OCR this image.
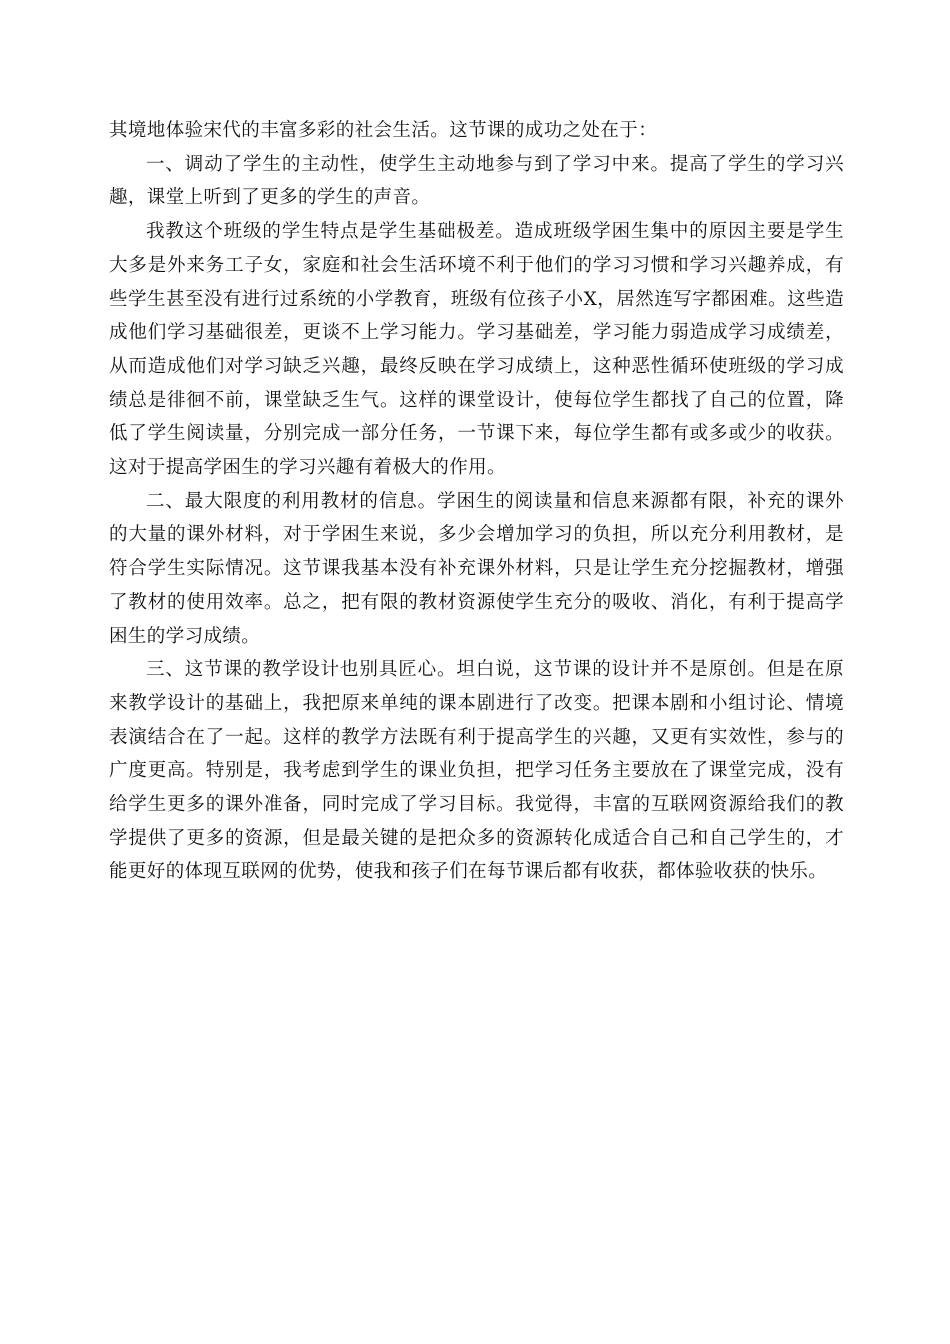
其境地体验宋代的丰富多彩的社会生活。这节课的成功之处在于：

一、调动了学生的主动性，使学生主动地参与到了学习中来。提高了学生的学习兴趣，课堂上听到了更多的学生的声音。

我教这个班级的学生特点是学生基础极差。造成班级学困生集中的原因主要是学生大多是外来务工子女，家庭和社会生活环境不利于他们的学习习惯和学习兴趣养成，有些学生甚至没有进行过系统的小学教育，班级有位孩子小X，居然连写字都困难。这些造成他们学习基础很差，更谈不上学习能力。学习基础差，学习能力弱造成学习成绩差，从而造成他们对学习缺乏兴趣，最终反映在学习成绩上，这种恶性循环使班级的学习成绩总是徘徊不前，课堂缺乏生气。这样的课堂设计，使每位学生都找了自己的位置，降低了学生阅读量，分别完成一部分任务，一节课下来，每位学生都有或多或少的收获。这对于提高学困生的学习兴趣有着极大的作用。

二、最大限度的利用教材的信息。学困生的阅读量和信息来源都有限，补充的课外的大量的课外材料，对于学困生来说，多少会增加学习的负担，所以充分利用教材，是符合学生实际情况。这节课我基本没有补充课外材料，只是让学生充分挖掘教材，增强了教材的使用效率。总之，把有限的教材资源使学生充分的吸收、消化，有利于提高学困生的学习成绩。

三、这节课的教学设计也别具匠心。坦白说，这节课的设计并不是原创。但是在原来教学设计的基础上，我把原来单纯的课本剧进行了改变。把课本剧和小组讨论、情境表演结合在了一起。这样的教学方法既有利于提高学生的兴趣，又更有实效性，参与的广度更高。特别是，我考虑到学生的课业负担，把学习任务主要放在了课堂完成，没有给学生更多的课外准备，同时完成了学习目标。我觉得，丰富的互联网资源给我们的教学提供了更多的资源，但是最关键的是把众多的资源转化成适合自己和自己学生的，才能更好的体现互联网的优势，使我和孩子们在每节课后都有收获，都体验收获的快乐。
